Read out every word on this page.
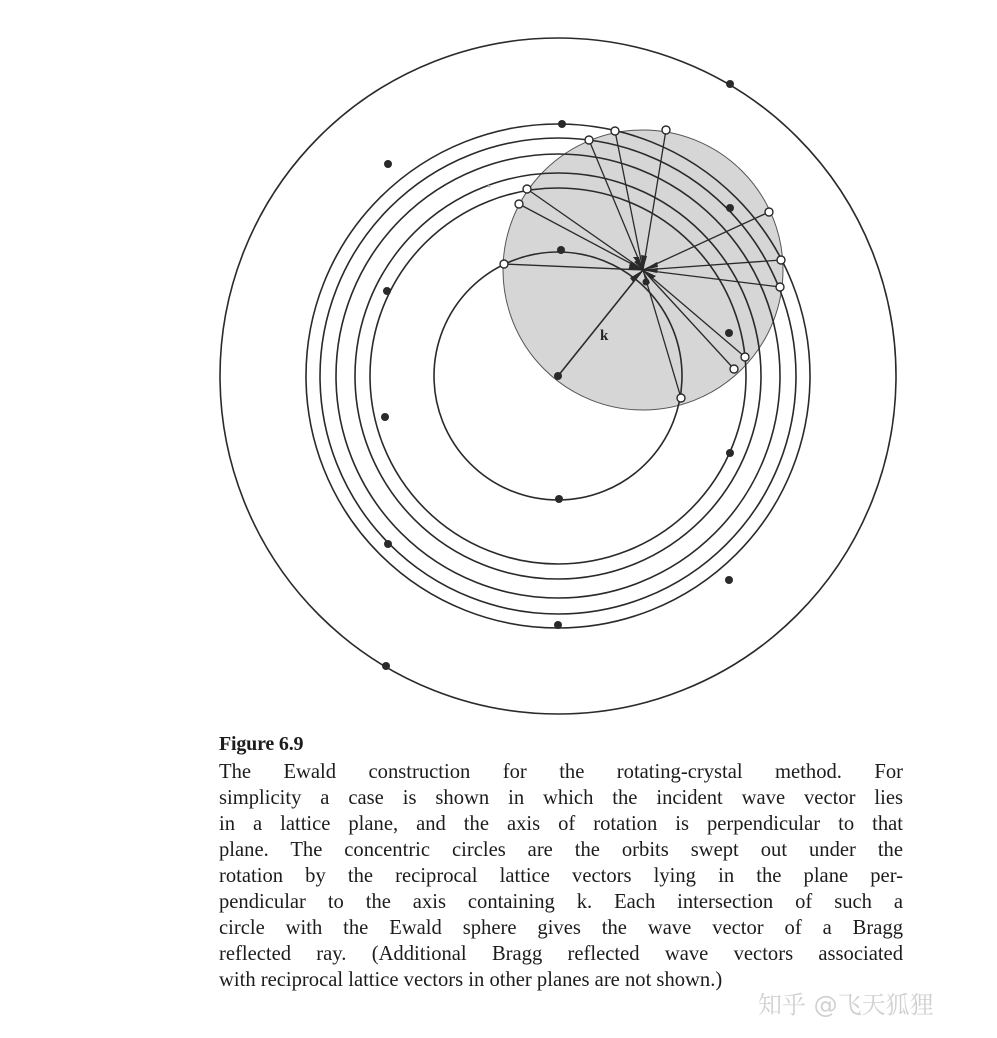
k
Figure 6.9
The Ewald construction for the rotating-crystal method. For
simplicity a case is shown in which the incident wave vector lies
in a lattice plane, and the axis of rotation is perpendicular to that
plane. The concentric circles are the orbits swept out under the
rotation by the reciprocal lattice vectors lying in the plane per-
pendicular to the axis containing k. Each intersection of such a
circle with the Ewald sphere gives the wave vector of a Bragg
reflected ray. (Additional Bragg reflected wave vectors associated
with reciprocal lattice vectors in other planes are not shown.)
知乎 @飞天狐狸
